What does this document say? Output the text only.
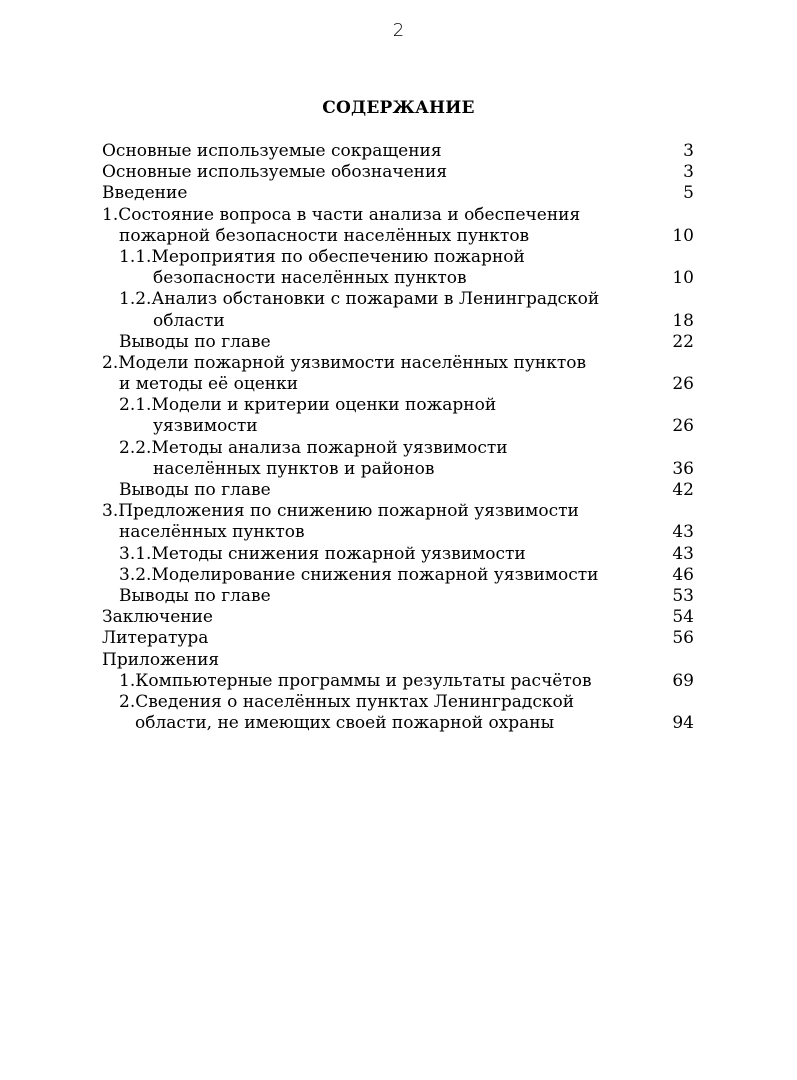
2
СОДЕРЖАНИЕ
Основные используемые сокращения	3
Основные используемые обозначения	3
Введение	5
1.Состояние вопроса в части анализа и обеспечения
пожарной безопасности населённых пунктов	10
1.1.Мероприятия по обеспечению пожарной
безопасности населённых пунктов	10
1.2.Анализ обстановки с пожарами в Ленинградской
области	18
Выводы по главе	22
2.Модели пожарной уязвимости населённых пунктов
и методы её оценки	26
2.1.Модели и критерии оценки пожарной
уязвимости	26
2.2.Методы анализа пожарной уязвимости
населённых пунктов и районов	36
Выводы по главе	42
3.Предложения по снижению пожарной уязвимости
населённых пунктов	43
3.1.Методы снижения пожарной уязвимости	43
3.2.Моделирование снижения пожарной уязвимости	46
Выводы по главе	53
Заключение	54
Литература	56
Приложения
1.Компьютерные программы и результаты расчётов	69
2.Сведения о населённых пунктах Ленинградской
области, не имеющих своей пожарной охраны	94
